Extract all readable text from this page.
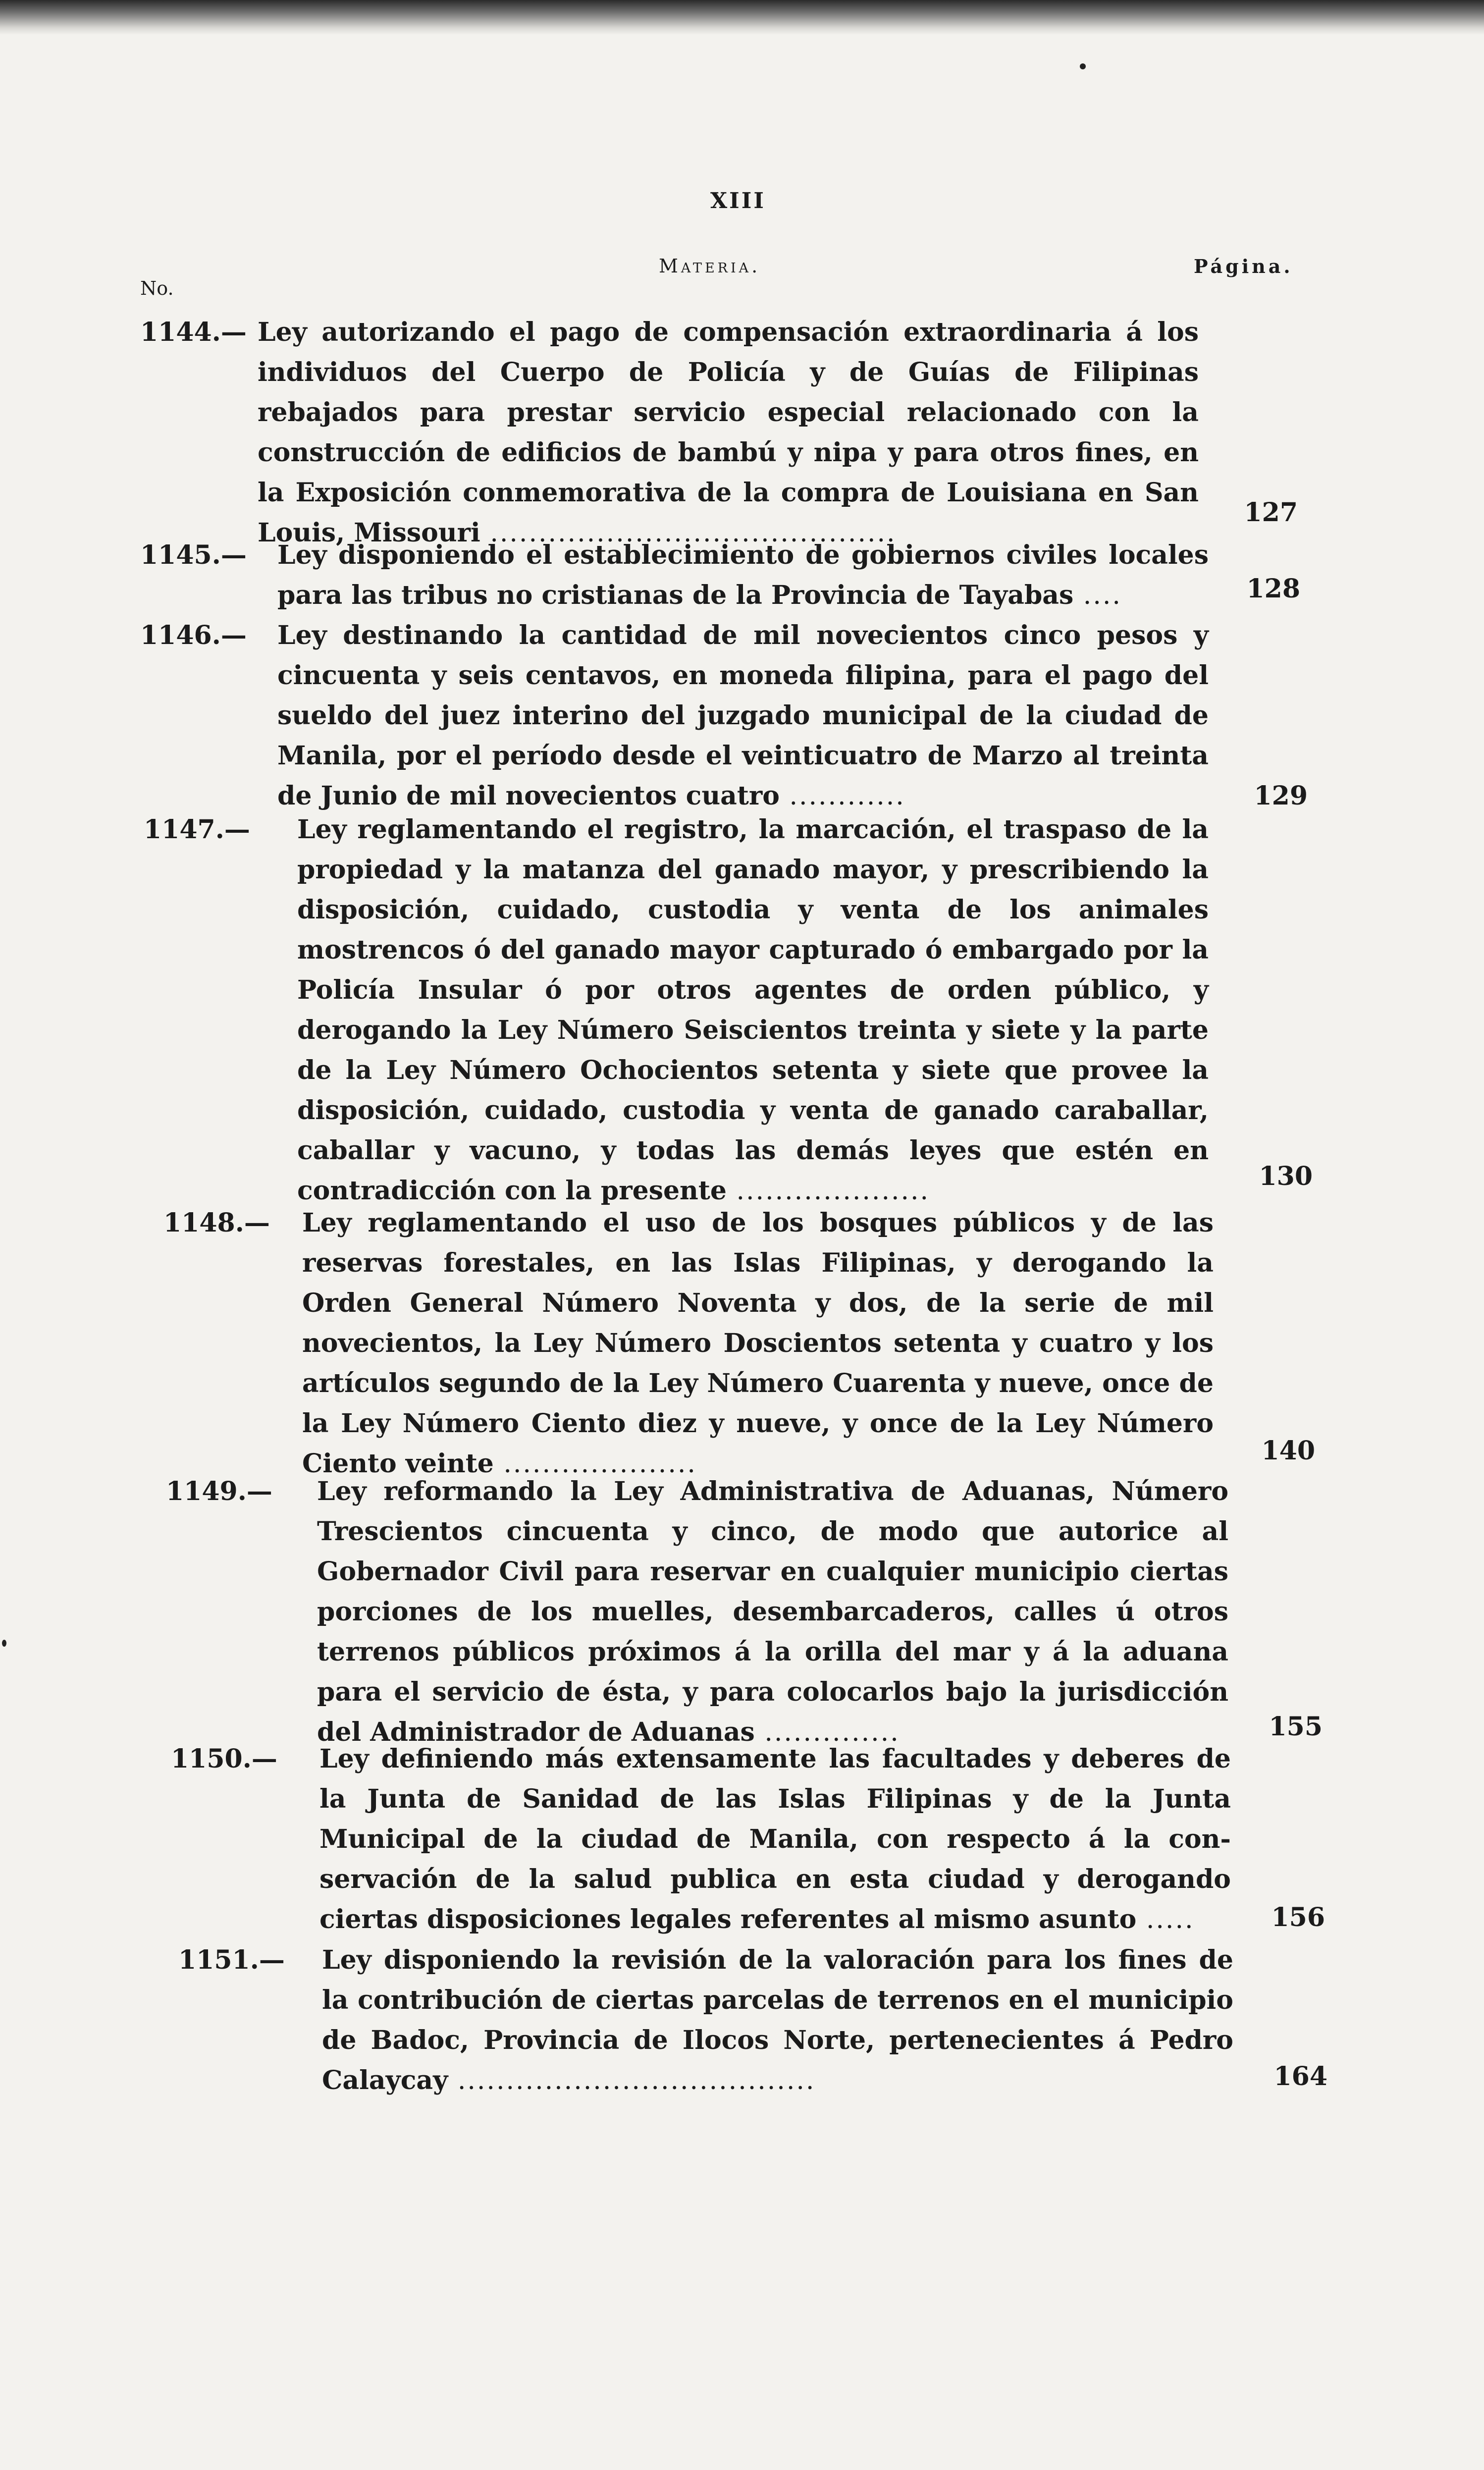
XIII
No.
Materia.	Página.
1144.— Ley autorizando el pago de compensación extraordinaria á los individuos del Cuerpo de Policía y de Guías de Filipinas rebajados para prestar servicio especial relacionado con la construcción de edificios de bambú y nipa y para otros fines, en la Exposición conmemorativa de la compra de Louisiana en San Louis, Missouri ..........................................
127
1145.— Ley disponiendo el establecimiento de gobiernos civiles locales para las tribus no cristianas de la Provincia de Tayabas ....	128
1146.— Ley destinando la cantidad de mil novecientos cinco pesos y cincuenta y seis centavos, en moneda filipina, para el pago del sueldo del juez interino del juzgado municipal de la ciudad de Manila, por el período desde el veinticuatro de Marzo al treinta de Junio de mil novecientos cuatro ............	129
1147.— Ley reglamentando el registro, la marcación, el traspaso de la propiedad y la matanza del ganado mayor, y prescribiendo la disposición, cuidado, custodia y venta de los animales mostrencos ó del ganado mayor capturado ó embargado por la Policía Insular ó por otros agentes de orden público, y derogando la Ley Número Seiscientos treinta y siete y la parte de la Ley Número Ochocientos setenta y siete que provee la disposición, cuidado, custodia y venta de ganado caraballar, caballar y vacuno, y todas las demás leyes que estén en contradicción con la presente ....................	130
1148.— Ley reglamentando el uso de los bosques públicos y de las reservas forestales, en las Islas Filipinas, y derogando la Orden General Número Noventa y dos, de la serie de mil novecientos, la Ley Número Doscientos setenta y cuatro y los artículos segundo de la Ley Número Cuarenta y nueve, once de la Ley Número Ciento diez y nueve, y once de la Ley Número Ciento veinte ....................	140
1149.— Ley reformando la Ley Administrativa de Aduanas, Número Trescientos cincuenta y cinco, de modo que autorice al Gobernador Civil para reservar en cualquier municipio ciertas porciones de los muelles, desembarcaderos, calles ú otros terrenos públicos próximos á la orilla del mar y á la aduana para el servicio de ésta, y para colocarlos bajo la jurisdicción del Administrador de Aduanas ..............	155
1150.— Ley definiendo más extensamente las facultades y deberes de la Junta de Sanidad de las Islas Filipinas y de la Junta Municipal de la ciudad de Manila, con respecto á la conservación de la salud publica en esta ciudad y derogando ciertas disposiciones legales referentes al mismo asunto .....	156
1151.— Ley disponiendo la revisión de la valoración para los fines de la contribución de ciertas parcelas de terrenos en el municipio de Badoc, Provincia de Ilocos Norte, pertenecientes á Pedro Calaycay .....................................	164
